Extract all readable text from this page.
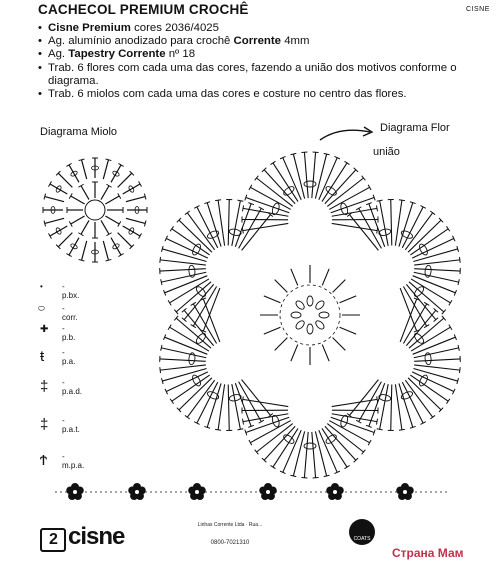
CACHECOL PREMIUM CROCHÊ	CISNE
• Cisne Premium cores 2036/4025
• Ag. alumínio anodizado para crochê Corrente 4mm
• Ag. Tapestry Corrente nº 18
• Trab. 6 flores com cada uma das cores, fazendo a união dos motivos conforme o diagrama.
• Trab. 6 miolos com cada uma das cores e costure no centro das flores.
Diagrama Miolo	Diagrama Flor
união
• - p.bx.
⬭ - corr.
✚ - p.b.
ŧ - p.a.
‡ - p.a.d.
‡ - p.a.t.
Ϯ - m.p.a.
2 cisne	Linhas Corrente Ltda · Rua...
0800-7021310
COATS
Страна Мам
